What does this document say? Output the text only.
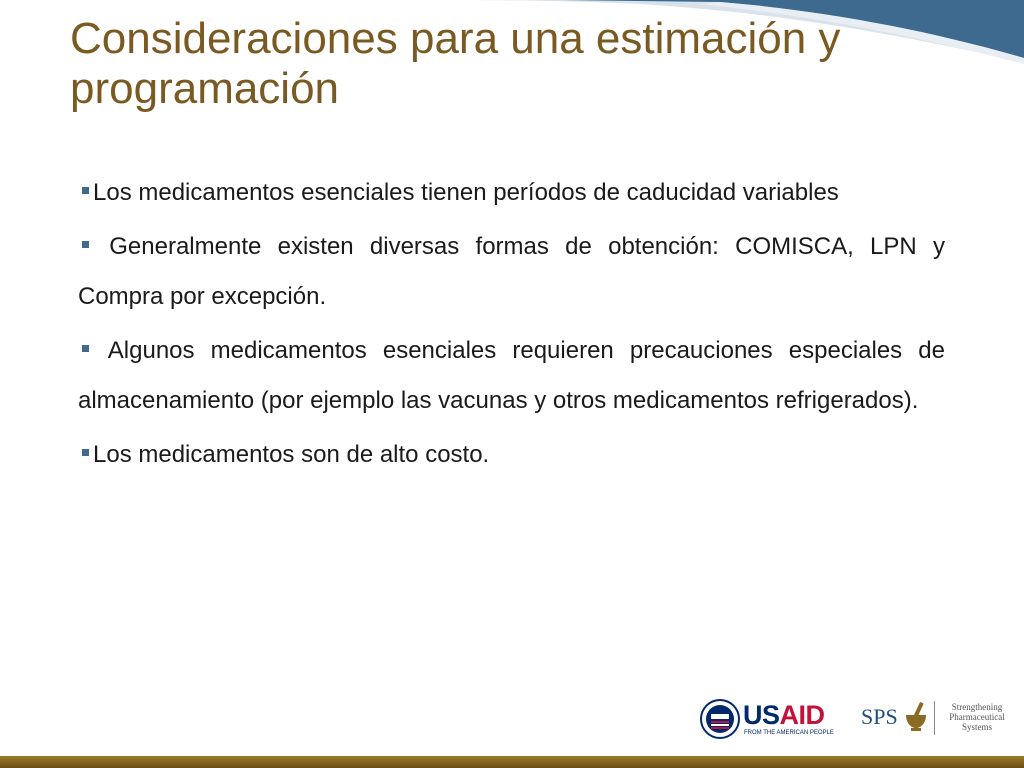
Consideraciones para una estimación y programación

Los medicamentos esenciales tienen períodos de caducidad variables

Generalmente existen diversas formas de obtención: COMISCA, LPN y Compra por excepción.

Algunos medicamentos esenciales requieren precauciones especiales de almacenamiento (por ejemplo las vacunas y otros medicamentos refrigerados).

Los medicamentos son de alto costo.

USAID
FROM THE AMERICAN PEOPLE
SPS	Strengthening
Pharmaceutical
Systems
